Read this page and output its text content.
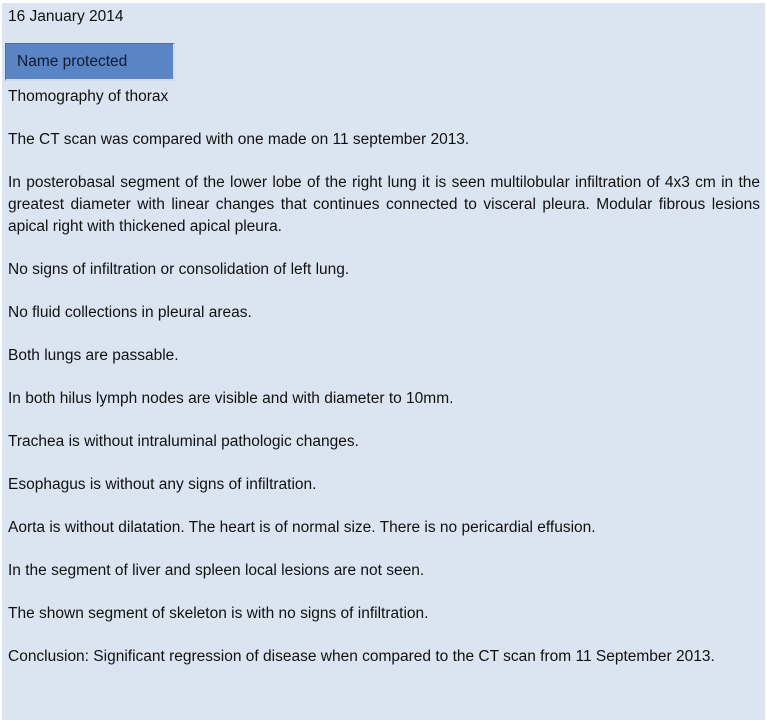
16 January 2014

Name protected

Thomography of thorax

The CT scan was compared with one made on 11 september 2013.

In posterobasal segment of the lower lobe of the right lung it is seen multilobular infiltration of 4x3 cm in the greatest diameter with linear changes that continues connected to visceral pleura. Modular fibrous lesions apical right with thickened apical pleura.

No signs of infiltration or consolidation of left lung.

No fluid collections in pleural areas.

Both lungs are passable.

In both hilus lymph nodes are visible and with diameter to 10mm.

Trachea is without intraluminal pathologic changes.

Esophagus is without any signs of infiltration.

Aorta is without dilatation. The heart is of normal size. There is no pericardial effusion.

In the segment of liver and spleen local lesions are not seen.

The shown segment of skeleton is with no signs of infiltration.

Conclusion: Significant regression of disease when compared to the CT scan from 11 September 2013.
